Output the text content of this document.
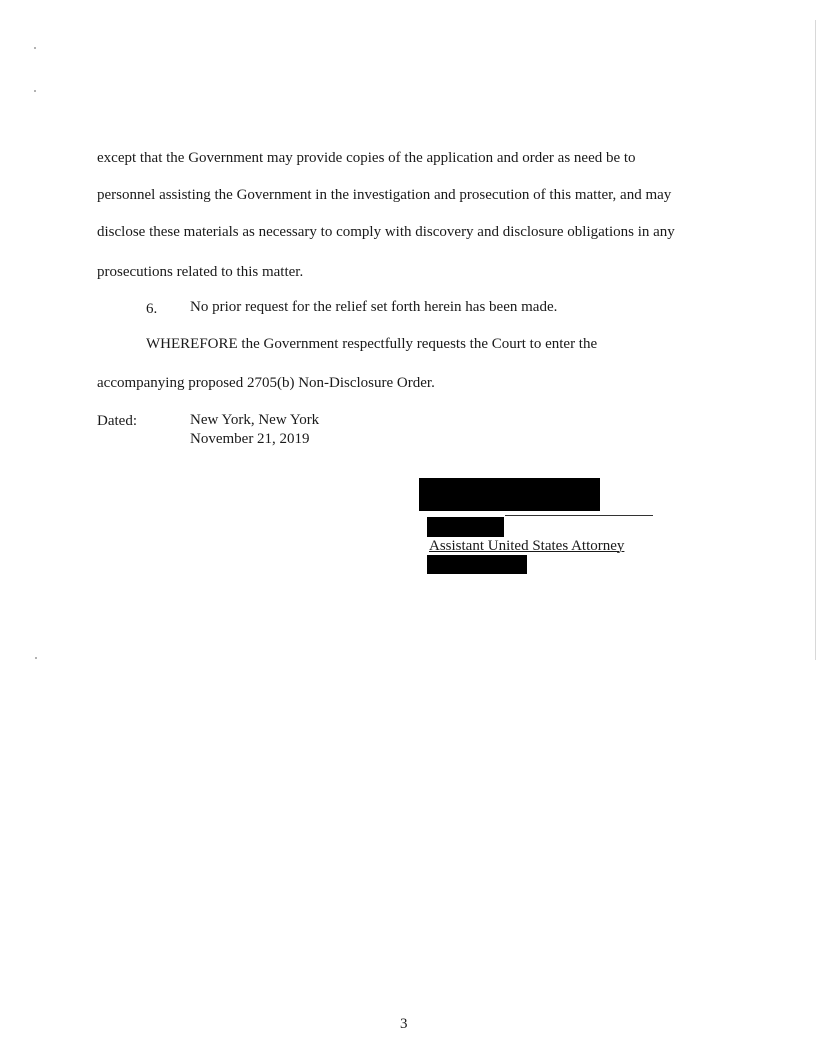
except that the Government may provide copies of the application and order as need be to
personnel assisting the Government in the investigation and prosecution of this matter, and may
disclose these materials as necessary to comply with discovery and disclosure obligations in any
prosecutions related to this matter.
6. No prior request for the relief set forth herein has been made.
WHEREFORE the Government respectfully requests the Court to enter the
accompanying proposed 2705(b) Non-Disclosure Order.
Dated:	New York, New York
November 21, 2019
Assistant United States Attorney
3
